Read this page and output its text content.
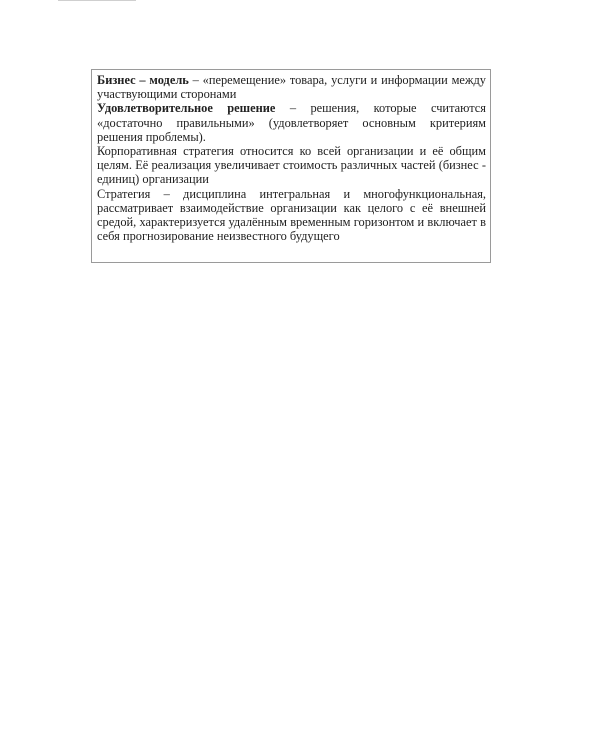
Бизнес – модель – «перемещение» товара, услуги и информации между участвующими сторонами

Удовлетворительное решение – решения, которые считаются «достаточно правильными» (удовлетворяет основным критериям решения проблемы).

Корпоративная стратегия относится ко всей организации и её общим целям. Её реализация увеличивает стоимость различных частей (бизнес - единиц) организации

Стратегия – дисциплина интегральная и многофункциональная, рассматривает взаимодействие организации как целого с её внешней средой, характеризуется удалённым временным горизонтом и включает в себя прогнозирование неизвестного будущего
